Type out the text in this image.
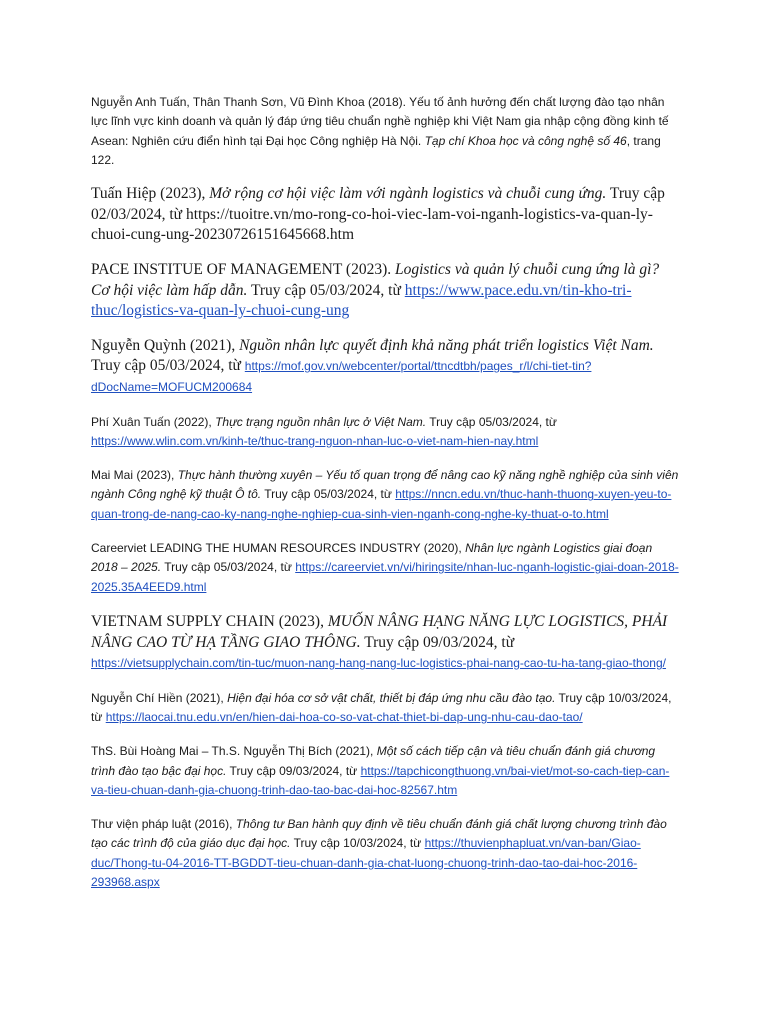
Nguyễn Anh Tuấn, Thân Thanh Sơn, Vũ Đình Khoa (2018). Yếu tố ảnh hưởng đến chất lượng đào tạo nhân lực lĩnh vực kinh doanh và quản lý đáp ứng tiêu chuẩn nghề nghiệp khi Việt Nam gia nhập cộng đồng kinh tế Asean: Nghiên cứu điển hình tại Đại học Công nghiệp Hà Nội. Tạp chí Khoa học và công nghệ số 46, trang 122.

Tuấn Hiệp (2023), Mở rộng cơ hội việc làm với ngành logistics và chuỗi cung ứng. Truy cập 02/03/2024, từ https://tuoitre.vn/mo-rong-co-hoi-viec-lam-voi-nganh-logistics-va-quan-ly-chuoi-cung-ung-20230726151645668.htm

PACE INSTITUE OF MANAGEMENT (2023). Logistics và quản lý chuỗi cung ứng là gì? Cơ hội việc làm hấp dẫn. Truy cập 05/03/2024, từ https://www.pace.edu.vn/tin-kho-tri-thuc/logistics-va-quan-ly-chuoi-cung-ung

Nguyễn Quỳnh (2021), Nguồn nhân lực quyết định khả năng phát triển logistics Việt Nam. Truy cập 05/03/2024, từ https://mof.gov.vn/webcenter/portal/ttncdtbh/pages_r/l/chi-tiet-tin?dDocName=MOFUCM200684

Phí Xuân Tuấn (2022), Thực trạng nguồn nhân lực ở Việt Nam. Truy cập 05/03/2024, từ https://www.wlin.com.vn/kinh-te/thuc-trang-nguon-nhan-luc-o-viet-nam-hien-nay.html

Mai Mai (2023), Thực hành thường xuyên – Yếu tố quan trọng để nâng cao kỹ năng nghề nghiệp của sinh viên ngành Công nghệ kỹ thuật Ô tô. Truy cập 05/03/2024, từ https://nncn.edu.vn/thuc-hanh-thuong-xuyen-yeu-to-quan-trong-de-nang-cao-ky-nang-nghe-nghiep-cua-sinh-vien-nganh-cong-nghe-ky-thuat-o-to.html

Careerviet LEADING THE HUMAN RESOURCES INDUSTRY (2020), Nhân lực ngành Logistics giai đoạn 2018 – 2025. Truy cập 05/03/2024, từ https://careerviet.vn/vi/hiringsite/nhan-luc-nganh-logistic-giai-doan-2018-2025.35A4EED9.html

VIETNAM SUPPLY CHAIN (2023), MUỐN NÂNG HẠNG NĂNG LỰC LOGISTICS, PHẢI NÂNG CAO TỪ HẠ TẦNG GIAO THÔNG. Truy cập 09/03/2024, từ https://vietsupplychain.com/tin-tuc/muon-nang-hang-nang-luc-logistics-phai-nang-cao-tu-ha-tang-giao-thong/

Nguyễn Chí Hiền (2021), Hiện đại hóa cơ sở vật chất, thiết bị đáp ứng nhu cầu đào tạo. Truy cập 10/03/2024, từ https://laocai.tnu.edu.vn/en/hien-dai-hoa-co-so-vat-chat-thiet-bi-dap-ung-nhu-cau-dao-tao/

ThS. Bùi Hoàng Mai – Th.S. Nguyễn Thị Bích (2021), Một số cách tiếp cận và tiêu chuẩn đánh giá chương trình đào tạo bậc đại học. Truy cập 09/03/2024, từ https://tapchicongthuong.vn/bai-viet/mot-so-cach-tiep-can-va-tieu-chuan-danh-gia-chuong-trinh-dao-tao-bac-dai-hoc-82567.htm

Thư viện pháp luật (2016), Thông tư Ban hành quy định về tiêu chuẩn đánh giá chất lượng chương trình đào tạo các trình độ của giáo dục đại học. Truy cập 10/03/2024, từ https://thuvienphapluat.vn/van-ban/Giao-duc/Thong-tu-04-2016-TT-BGDDT-tieu-chuan-danh-gia-chat-luong-chuong-trinh-dao-tao-dai-hoc-2016-293968.aspx
